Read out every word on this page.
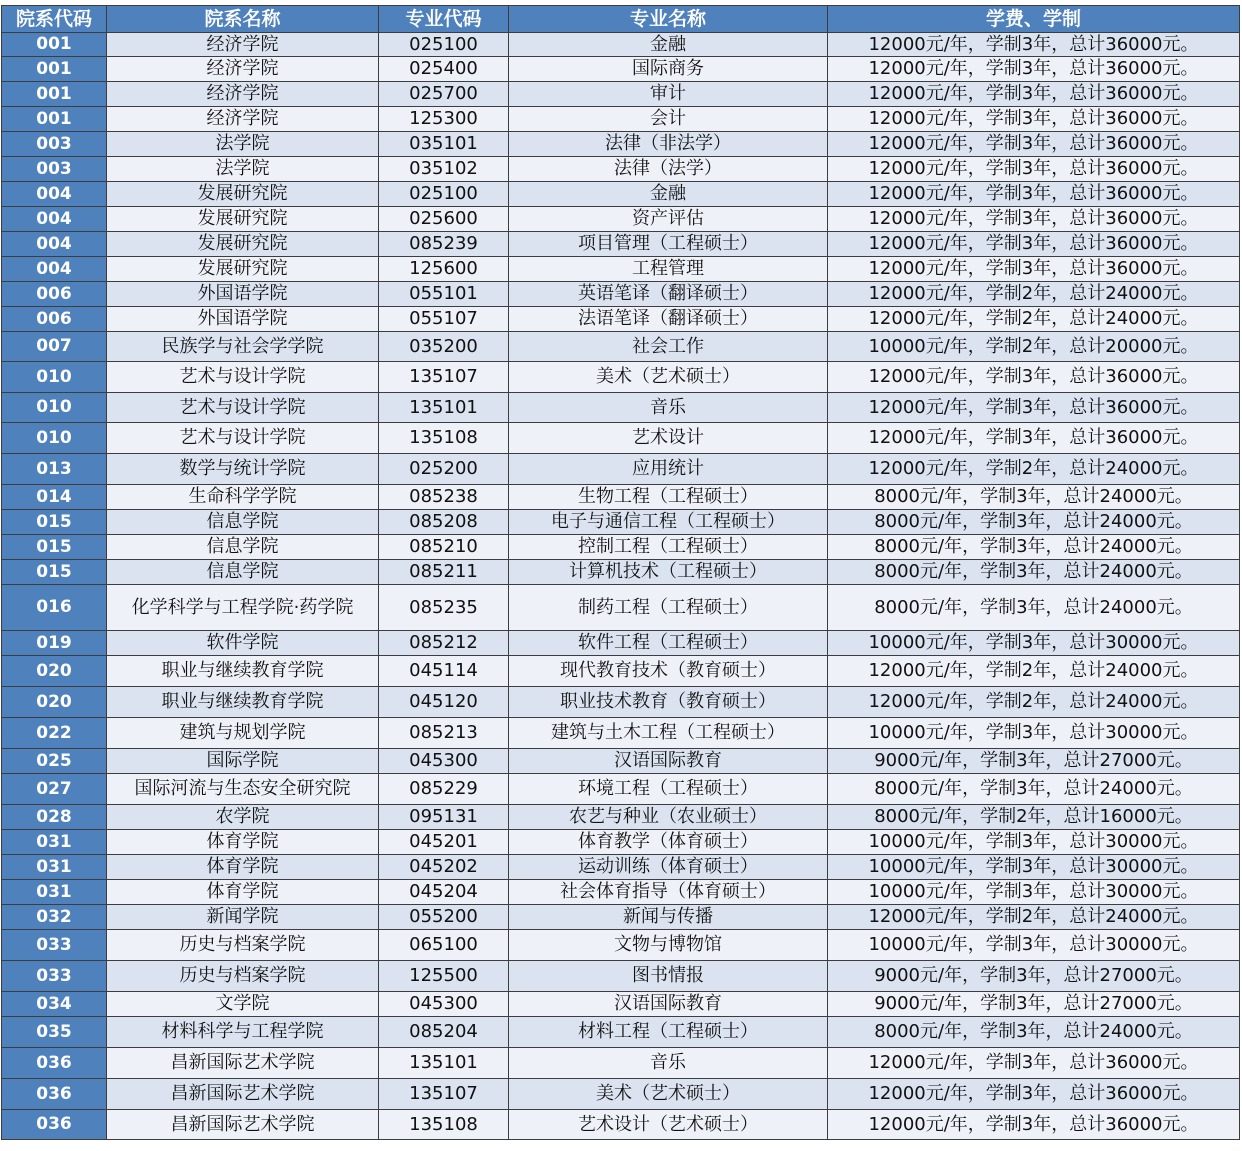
院系代码	院系名称	专业代码	专业名称	学费、学制
001	经济学院	025100	金融	12000元/年，学制3年，总计36000元。
001	经济学院	025400	国际商务	12000元/年，学制3年，总计36000元。
001	经济学院	025700	审计	12000元/年，学制3年，总计36000元。
001	经济学院	125300	会计	12000元/年，学制3年，总计36000元。
003	法学院	035101	法律（非法学）	12000元/年，学制3年，总计36000元。
003	法学院	035102	法律（法学）	12000元/年，学制3年，总计36000元。
004	发展研究院	025100	金融	12000元/年，学制3年，总计36000元。
004	发展研究院	025600	资产评估	12000元/年，学制3年，总计36000元。
004	发展研究院	085239	项目管理（工程硕士）	12000元/年，学制3年，总计36000元。
004	发展研究院	125600	工程管理	12000元/年，学制3年，总计36000元。
006	外国语学院	055101	英语笔译（翻译硕士）	12000元/年，学制2年，总计24000元。
006	外国语学院	055107	法语笔译（翻译硕士）	12000元/年，学制2年，总计24000元。
007	民族学与社会学学院	035200	社会工作	10000元/年，学制2年，总计20000元。
010	艺术与设计学院	135107	美术（艺术硕士）	12000元/年，学制3年，总计36000元。
010	艺术与设计学院	135101	音乐	12000元/年，学制3年，总计36000元。
010	艺术与设计学院	135108	艺术设计	12000元/年，学制3年，总计36000元。
013	数学与统计学院	025200	应用统计	12000元/年，学制2年，总计24000元。
014	生命科学学院	085238	生物工程（工程硕士）	8000元/年，学制3年，总计24000元。
015	信息学院	085208	电子与通信工程（工程硕士）	8000元/年，学制3年，总计24000元。
015	信息学院	085210	控制工程（工程硕士）	8000元/年，学制3年，总计24000元。
015	信息学院	085211	计算机技术（工程硕士）	8000元/年，学制3年，总计24000元。
016	化学科学与工程学院·药学院	085235	制药工程（工程硕士）	8000元/年，学制3年，总计24000元。
019	软件学院	085212	软件工程（工程硕士）	10000元/年，学制3年，总计30000元。
020	职业与继续教育学院	045114	现代教育技术（教育硕士）	12000元/年，学制2年，总计24000元。
020	职业与继续教育学院	045120	职业技术教育（教育硕士）	12000元/年，学制2年，总计24000元。
022	建筑与规划学院	085213	建筑与土木工程（工程硕士）	10000元/年，学制3年，总计30000元。
025	国际学院	045300	汉语国际教育	9000元/年，学制3年，总计27000元。
027	国际河流与生态安全研究院	085229	环境工程（工程硕士）	8000元/年，学制3年，总计24000元。
028	农学院	095131	农艺与种业（农业硕士）	8000元/年，学制2年，总计16000元。
031	体育学院	045201	体育教学（体育硕士）	10000元/年，学制3年，总计30000元。
031	体育学院	045202	运动训练（体育硕士）	10000元/年，学制3年，总计30000元。
031	体育学院	045204	社会体育指导（体育硕士）	10000元/年，学制3年，总计30000元。
032	新闻学院	055200	新闻与传播	12000元/年，学制2年，总计24000元。
033	历史与档案学院	065100	文物与博物馆	10000元/年，学制3年，总计30000元。
033	历史与档案学院	125500	图书情报	9000元/年，学制3年，总计27000元。
034	文学院	045300	汉语国际教育	9000元/年，学制3年，总计27000元。
035	材料科学与工程学院	085204	材料工程（工程硕士）	8000元/年，学制3年，总计24000元。
036	昌新国际艺术学院	135101	音乐	12000元/年，学制3年，总计36000元。
036	昌新国际艺术学院	135107	美术（艺术硕士）	12000元/年，学制3年，总计36000元。
036	昌新国际艺术学院	135108	艺术设计（艺术硕士）	12000元/年，学制3年，总计36000元。
